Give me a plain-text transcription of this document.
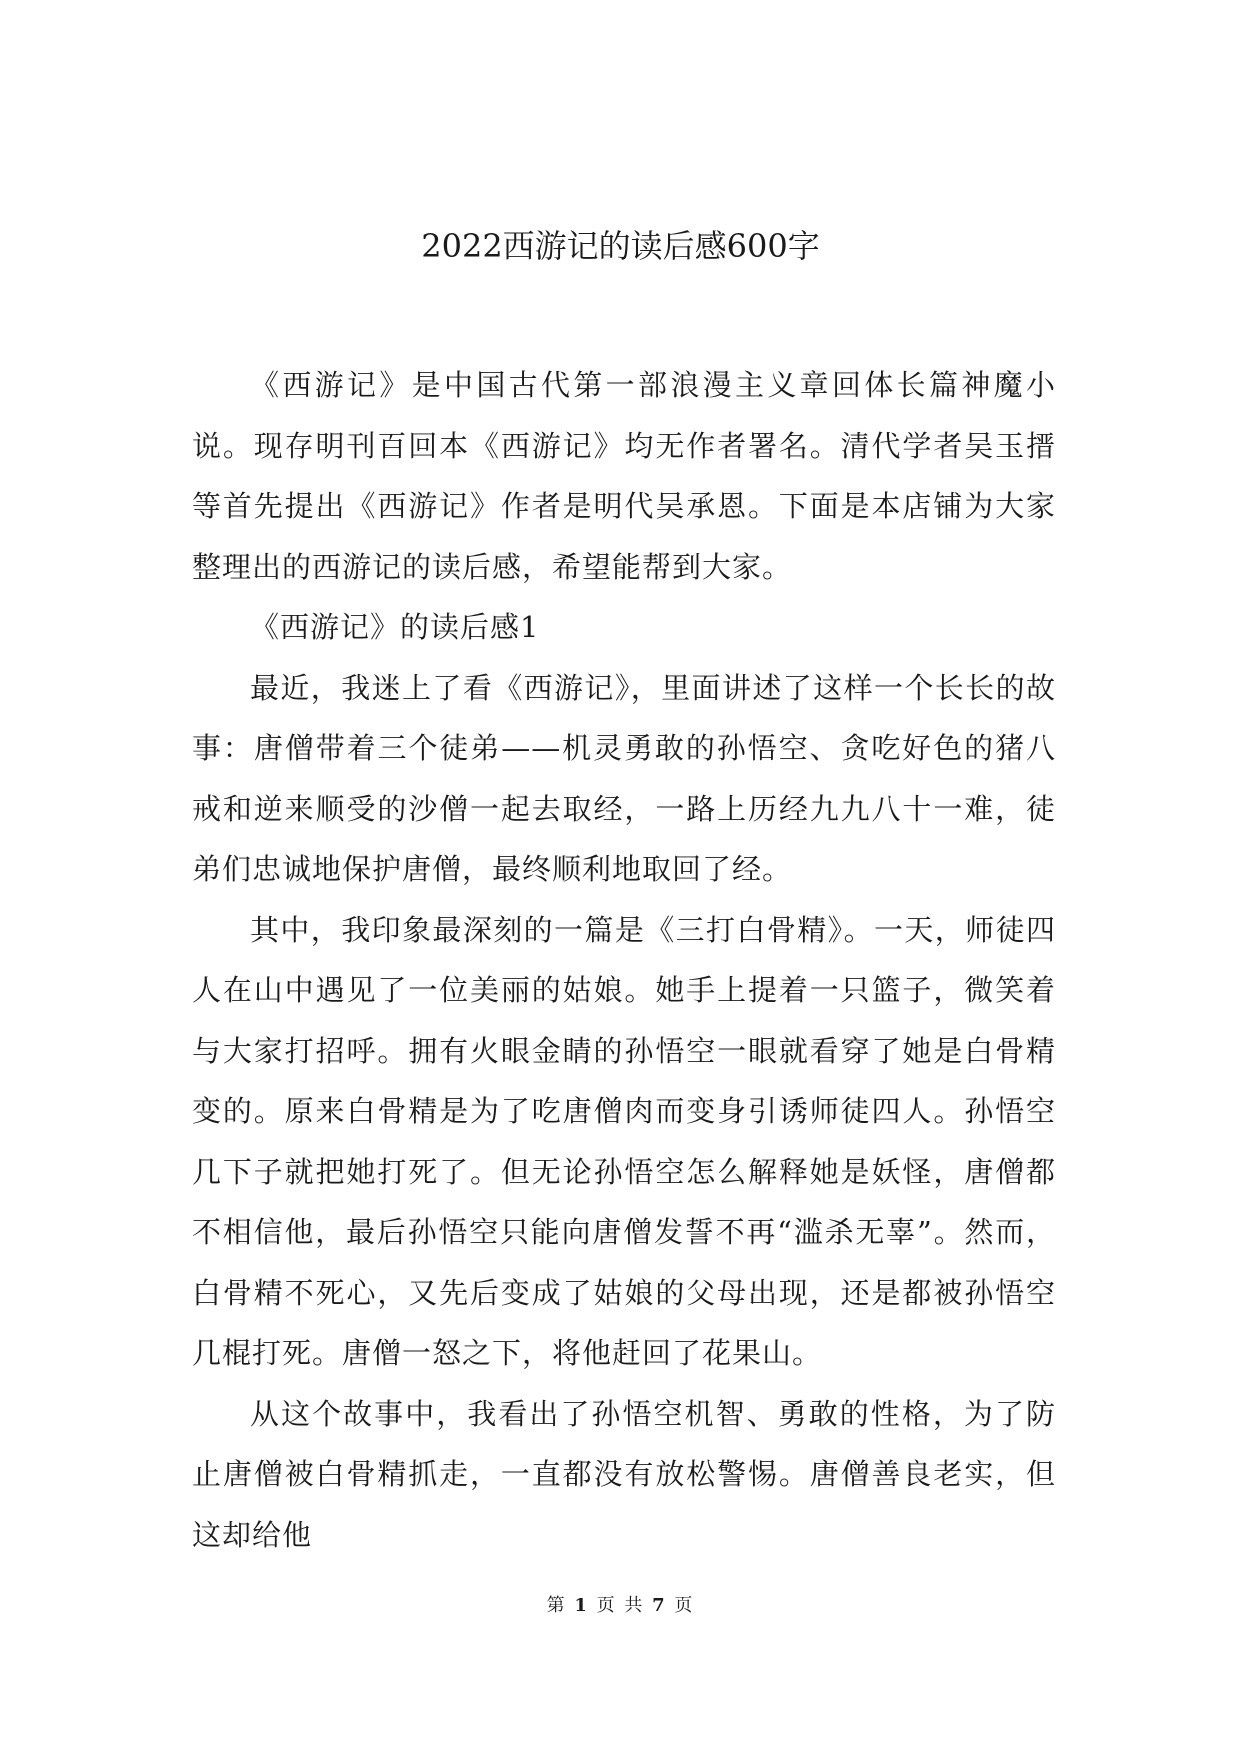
2022西游记的读后感600字

《西游记》是中国古代第一部浪漫主义章回体长篇神魔小说。现存明刊百回本《西游记》均无作者署名。清代学者吴玉搢等首先提出《西游记》作者是明代吴承恩。下面是本店铺为大家整理出的西游记的读后感，希望能帮到大家。

《西游记》的读后感1

最近，我迷上了看《西游记》，里面讲述了这样一个长长的故事：唐僧带着三个徒弟——机灵勇敢的孙悟空、贪吃好色的猪八戒和逆来顺受的沙僧一起去取经，一路上历经九九八十一难，徒弟们忠诚地保护唐僧，最终顺利地取回了经。

其中，我印象最深刻的一篇是《三打白骨精》。一天，师徒四人在山中遇见了一位美丽的姑娘。她手上提着一只篮子，微笑着与大家打招呼。拥有火眼金睛的孙悟空一眼就看穿了她是白骨精变的。原来白骨精是为了吃唐僧肉而变身引诱师徒四人。孙悟空几下子就把她打死了。但无论孙悟空怎么解释她是妖怪，唐僧都不相信他，最后孙悟空只能向唐僧发誓不再“滥杀无辜”。然而，白骨精不死心，又先后变成了姑娘的父母出现，还是都被孙悟空几棍打死。唐僧一怒之下，将他赶回了花果山。

从这个故事中，我看出了孙悟空机智、勇敢的性格，为了防止唐僧被白骨精抓走，一直都没有放松警惕。唐僧善良老实，但这却给他

第 1 页 共 7 页
